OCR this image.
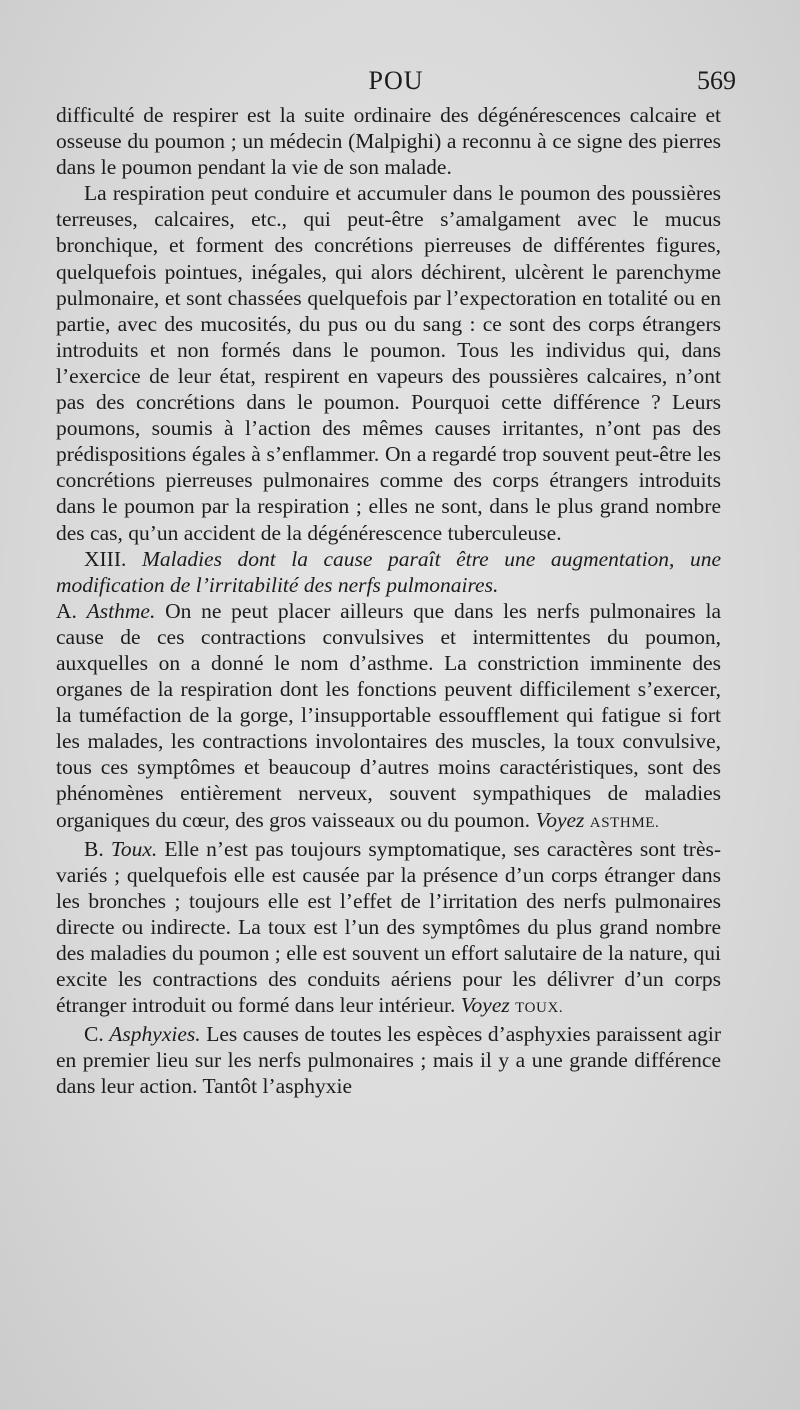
POU	569

difficulté de respirer est la suite ordinaire des dégénérescences calcaire et osseuse du poumon ; un médecin (Malpighi) a reconnu à ce signe des pierres dans le poumon pendant la vie de son malade.

La respiration peut conduire et accumuler dans le poumon des poussières terreuses, calcaires, etc., qui peut-être s’amalgament avec le mucus bronchique, et forment des concrétions pierreuses de différentes figures, quelquefois pointues, inégales, qui alors déchirent, ulcèrent le parenchyme pulmonaire, et sont chassées quelquefois par l’expectoration en totalité ou en partie, avec des mucosités, du pus ou du sang : ce sont des corps étrangers introduits et non formés dans le poumon. Tous les individus qui, dans l’exercice de leur état, respirent en vapeurs des poussières calcaires, n’ont pas des concrétions dans le poumon. Pourquoi cette différence ? Leurs poumons, soumis à l’action des mêmes causes irritantes, n’ont pas des prédispositions égales à s’enflammer. On a regardé trop souvent peut-être les concrétions pierreuses pulmonaires comme des corps étrangers introduits dans le poumon par la respiration ; elles ne sont, dans le plus grand nombre des cas, qu’un accident de la dégénérescence tuberculeuse.

XIII. Maladies dont la cause paraît être une augmentation, une modification de l’irritabilité des nerfs pulmonaires.

A. Asthme. On ne peut placer ailleurs que dans les nerfs pulmonaires la cause de ces contractions convulsives et intermittentes du poumon, auxquelles on a donné le nom d’asthme. La constriction imminente des organes de la respiration dont les fonctions peuvent difficilement s’exercer, la tuméfaction de la gorge, l’insupportable essoufflement qui fatigue si fort les malades, les contractions involontaires des muscles, la toux convulsive, tous ces symptômes et beaucoup d’autres moins caractéristiques, sont des phénomènes entièrement nerveux, souvent sympathiques de maladies organiques du cœur, des gros vaisseaux ou du poumon. Voyez ASTHME.

B. Toux. Elle n’est pas toujours symptomatique, ses caractères sont très-variés ; quelquefois elle est causée par la présence d’un corps étranger dans les bronches ; toujours elle est l’effet de l’irritation des nerfs pulmonaires directe ou indirecte. La toux est l’un des symptômes du plus grand nombre des maladies du poumon ; elle est souvent un effort salutaire de la nature, qui excite les contractions des conduits aériens pour les délivrer d’un corps étranger introduit ou formé dans leur intérieur. Voyez TOUX.

C. Asphyxies. Les causes de toutes les espèces d’asphyxies paraissent agir en premier lieu sur les nerfs pulmonaires ; mais il y a une grande différence dans leur action. Tantôt l’asphyxie
